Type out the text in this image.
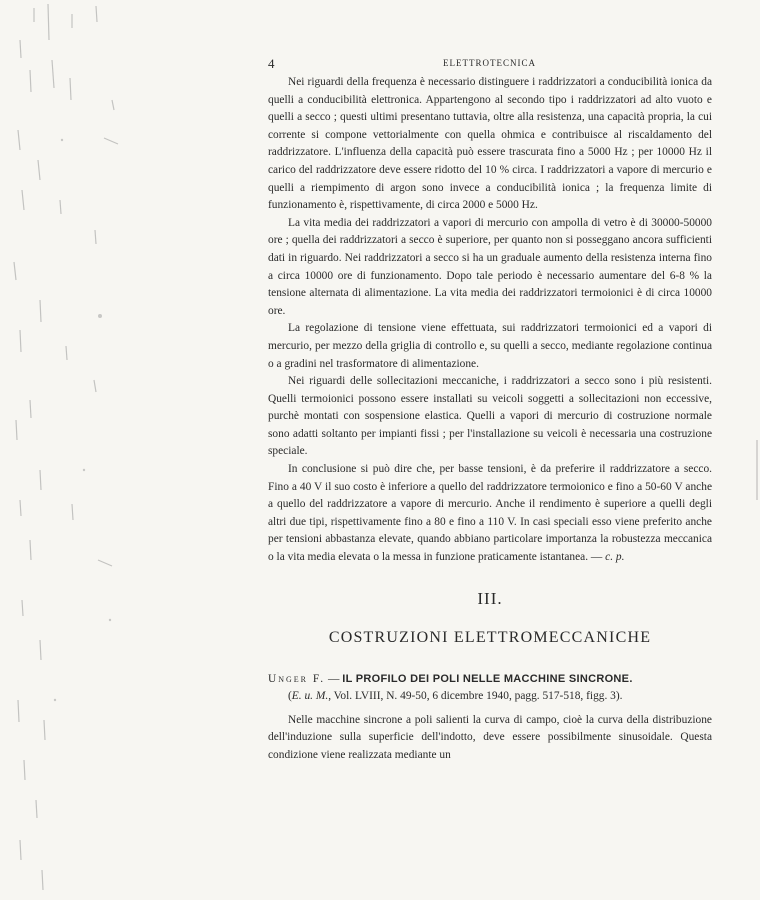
4	ELETTROTECNICA

Nei riguardi della frequenza è necessario distinguere i raddrizzatori a conducibilità ionica da quelli a conducibilità elettronica. Appartengono al secondo tipo i raddrizzatori ad alto vuoto e quelli a secco ; questi ultimi presentano tuttavia, oltre alla resistenza, una capacità propria, la cui corrente si compone vettorialmente con quella ohmica e contribuisce al riscaldamento del raddrizzatore. L'influenza della capacità può essere trascurata fino a 5000 Hz ; per 10000 Hz il carico del raddrizzatore deve essere ridotto del 10 % circa. I raddrizzatori a vapore di mercurio e quelli a riempimento di argon sono invece a conducibilità ionica ; la frequenza limite di funzionamento è, rispettivamente, di circa 2000 e 5000 Hz.

La vita media dei raddrizzatori a vapori di mercurio con ampolla di vetro è di 30000-50000 ore ; quella dei raddrizzatori a secco è superiore, per quanto non si posseggano ancora sufficienti dati in riguardo. Nei raddrizzatori a secco si ha un graduale aumento della resistenza interna fino a circa 10000 ore di funzionamento. Dopo tale periodo è necessario aumentare del 6-8 % la tensione alternata di alimentazione. La vita media dei raddrizzatori termoionici è di circa 10000 ore.

La regolazione di tensione viene effettuata, sui raddrizzatori termoionici ed a vapori di mercurio, per mezzo della griglia di controllo e, su quelli a secco, mediante regolazione continua o a gradini nel trasformatore di alimentazione.

Nei riguardi delle sollecitazioni meccaniche, i raddrizzatori a secco sono i più resistenti. Quelli termoionici possono essere installati su veicoli soggetti a sollecitazioni non eccessive, purchè montati con sospensione elastica. Quelli a vapori di mercurio di costruzione normale sono adatti soltanto per impianti fissi ; per l'installazione su veicoli è necessaria una costruzione speciale.

In conclusione si può dire che, per basse tensioni, è da preferire il raddrizzatore a secco. Fino a 40 V il suo costo è inferiore a quello del raddrizzatore termoionico e fino a 50-60 V anche a quello del raddrizzatore a vapore di mercurio. Anche il rendimento è superiore a quelli degli altri due tipi, rispettivamente fino a 80 e fino a 110 V. In casi speciali esso viene preferito anche per tensioni abbastanza elevate, quando abbiano particolare importanza la robustezza meccanica o la vita media elevata o la messa in funzione praticamente istantanea. — c. p.

III.
COSTRUZIONI ELETTROMECCANICHE
Unger F. — IL PROFILO DEI POLI NELLE MACCHINE SINCRONE.
(E. u. M., Vol. LVIII, N. 49-50, 6 dicembre 1940, pagg. 517-518, figg. 3).

Nelle macchine sincrone a poli salienti la curva di campo, cioè la curva della distribuzione dell'induzione sulla superficie dell'indotto, deve essere possibilmente sinusoidale. Questa condizione viene realizzata mediante un
